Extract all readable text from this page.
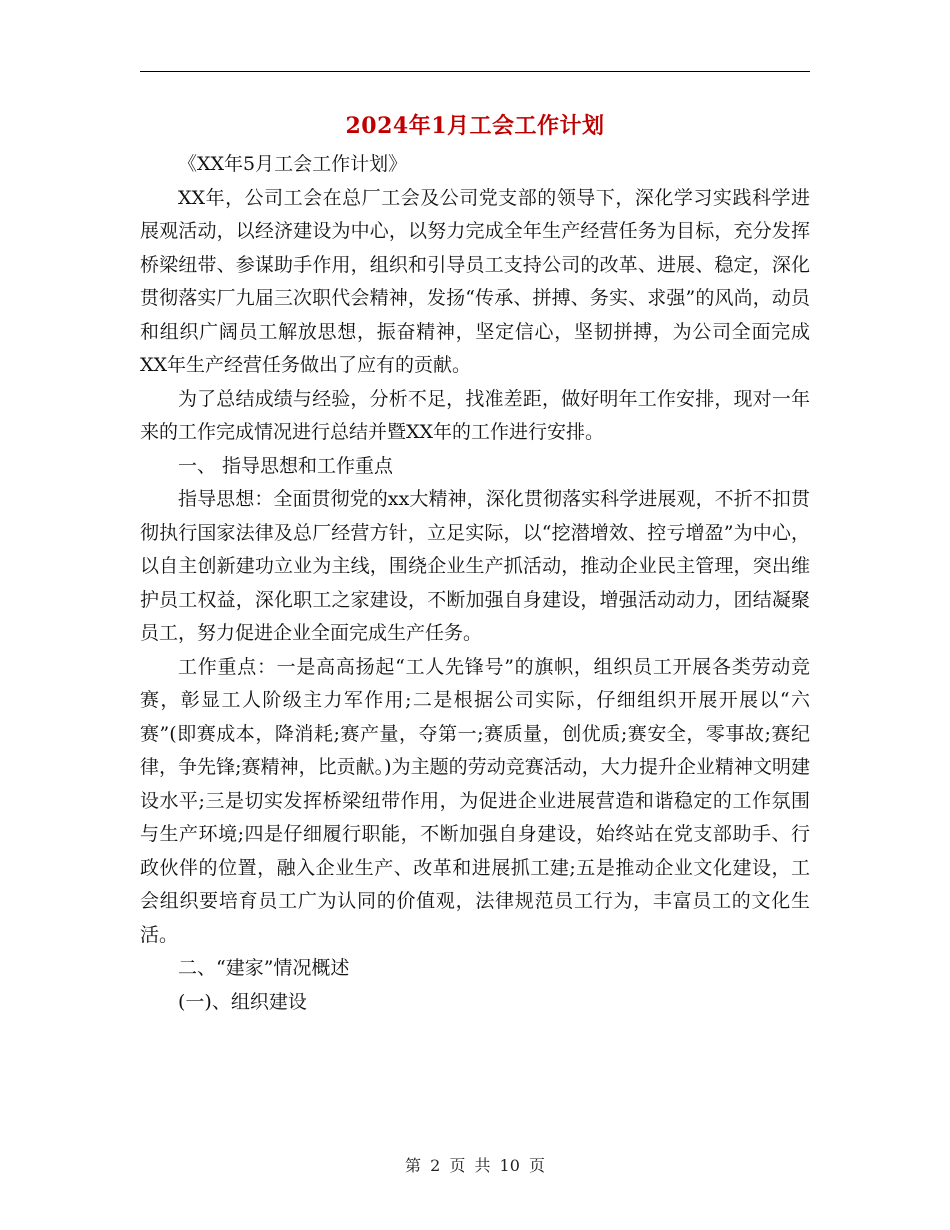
2024年1月工会工作计划

《XX年5月工会工作计划》

XX年，公司工会在总厂工会及公司党支部的领导下，深化学习实践科学进展观活动，以经济建设为中心，以努力完成全年生产经营任务为目标，充分发挥桥梁纽带、参谋助手作用，组织和引导员工支持公司的改革、进展、稳定，深化贯彻落实厂九届三次职代会精神，发扬“传承、拼搏、务实、求强”的风尚，动员和组织广阔员工解放思想，振奋精神，坚定信心，坚韧拼搏，为公司全面完成XX年生产经营任务做出了应有的贡献。

为了总结成绩与经验，分析不足，找准差距，做好明年工作安排，现对一年来的工作完成情况进行总结并暨XX年的工作进行安排。

一、 指导思想和工作重点

指导思想：全面贯彻党的xx大精神，深化贯彻落实科学进展观，不折不扣贯彻执行国家法律及总厂经营方针，立足实际，以“挖潜增效、控亏增盈”为中心，以自主创新建功立业为主线，围绕企业生产抓活动，推动企业民主管理，突出维护员工权益，深化职工之家建设，不断加强自身建设，增强活动动力，团结凝聚员工，努力促进企业全面完成生产任务。

工作重点：一是高高扬起“工人先锋号”的旗帜，组织员工开展各类劳动竞赛，彰显工人阶级主力军作用;二是根据公司实际，仔细组织开展开展以“六赛”(即赛成本，降消耗;赛产量，夺第一;赛质量，创优质;赛安全，零事故;赛纪律，争先锋;赛精神，比贡献。)为主题的劳动竞赛活动，大力提升企业精神文明建设水平;三是切实发挥桥梁纽带作用，为促进企业进展营造和谐稳定的工作氛围与生产环境;四是仔细履行职能，不断加强自身建设，始终站在党支部助手、行政伙伴的位置，融入企业生产、改革和进展抓工建;五是推动企业文化建设，工会组织要培育员工广为认同的价值观，法律规范员工行为，丰富员工的文化生活。

二、“建家”情况概述

(一)、组织建设

第 2 页 共 10 页
